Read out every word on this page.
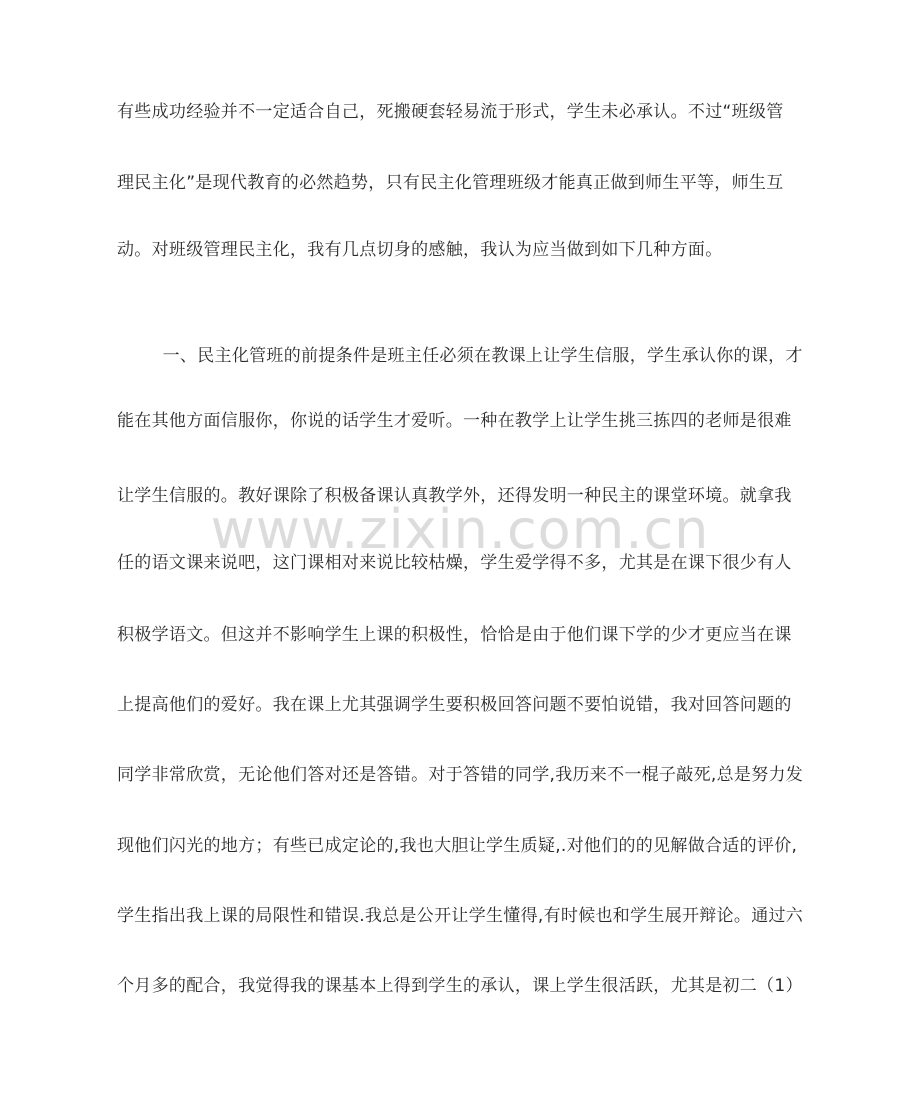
www.zixin.com.cn
有些成功经验并不一定适合自己，死搬硬套轻易流于形式，学生未必承认。不过“班级管
理民主化”是现代教育的必然趋势，只有民主化管理班级才能真正做到师生平等，师生互
动。对班级管理民主化，我有几点切身的感触，我认为应当做到如下几种方面。
一、民主化管班的前提条件是班主任必须在教课上让学生信服，学生承认你的课，才
能在其他方面信服你，你说的话学生才爱听。一种在教学上让学生挑三拣四的老师是很难
让学生信服的。教好课除了积极备课认真教学外，还得发明一种民主的课堂环境。就拿我
任的语文课来说吧，这门课相对来说比较枯燥，学生爱学得不多，尤其是在课下很少有人
积极学语文。但这并不影响学生上课的积极性，恰恰是由于他们课下学的少才更应当在课
上提高他们的爱好。我在课上尤其强调学生要积极回答问题不要怕说错，我对回答问题的
同学非常欣赏，无论他们答对还是答错。对于答错的同学,我历来不一棍子敲死,总是努力发
现他们闪光的地方；有些已成定论的,我也大胆让学生质疑,.对他们的的见解做合适的评价,
学生指出我上课的局限性和错误.我总是公开让学生懂得,有时候也和学生展开辩论。通过六
个月多的配合，我觉得我的课基本上得到学生的承认，课上学生很活跃，尤其是初二（1）
